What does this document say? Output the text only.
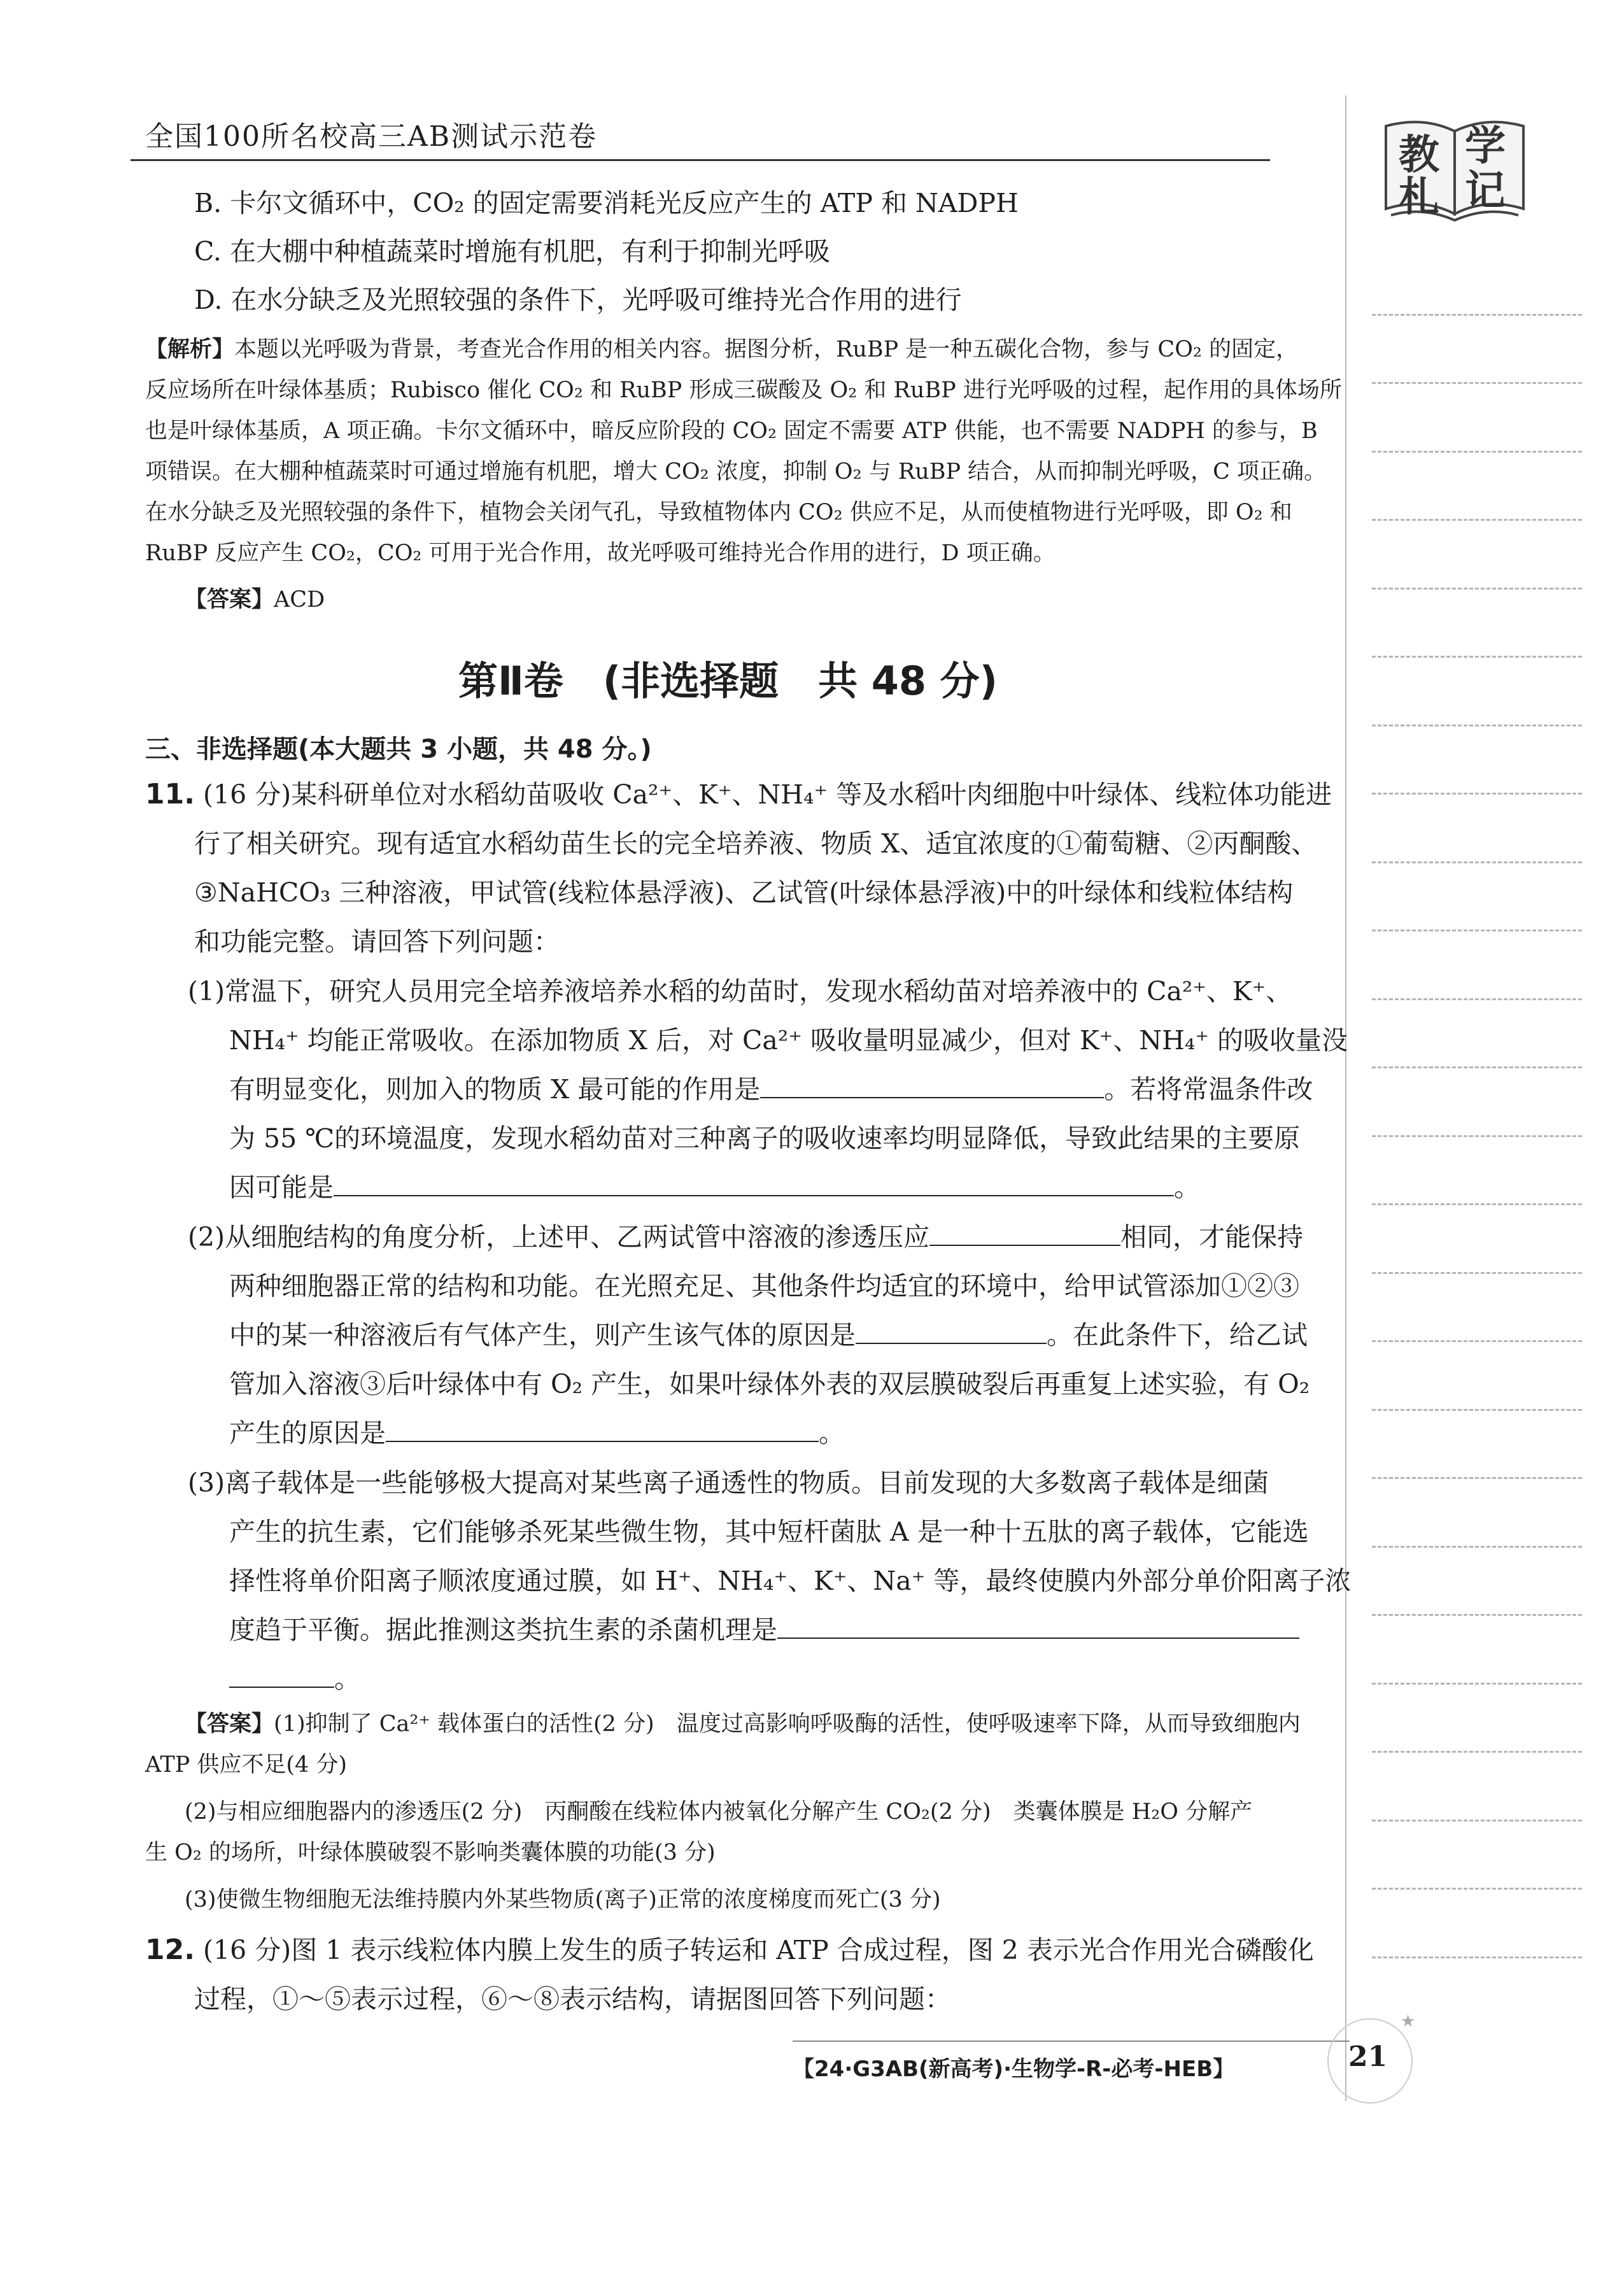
全国100所名校高三AB测试示范卷	教 学
札 记
B. 卡尔文循环中，CO₂ 的固定需要消耗光反应产生的 ATP 和 NADPH
C. 在大棚中种植蔬菜时增施有机肥，有利于抑制光呼吸
D. 在水分缺乏及光照较强的条件下，光呼吸可维持光合作用的进行
【解析】本题以光呼吸为背景，考查光合作用的相关内容。据图分析，RuBP 是一种五碳化合物，参与 CO₂ 的固定，
反应场所在叶绿体基质；Rubisco 催化 CO₂ 和 RuBP 形成三碳酸及 O₂ 和 RuBP 进行光呼吸的过程，起作用的具体场所
也是叶绿体基质，A 项正确。卡尔文循环中，暗反应阶段的 CO₂ 固定不需要 ATP 供能，也不需要 NADPH 的参与，B
项错误。在大棚种植蔬菜时可通过增施有机肥，增大 CO₂ 浓度，抑制 O₂ 与 RuBP 结合，从而抑制光呼吸，C 项正确。
在水分缺乏及光照较强的条件下，植物会关闭气孔，导致植物体内 CO₂ 供应不足，从而使植物进行光呼吸，即 O₂ 和
RuBP 反应产生 CO₂，CO₂ 可用于光合作用，故光呼吸可维持光合作用的进行，D 项正确。
【答案】ACD
第Ⅱ卷　(非选择题　共 48 分)
三、非选择题(本大题共 3 小题，共 48 分。)
11. (16 分)某科研单位对水稻幼苗吸收 Ca²⁺、K⁺、NH₄⁺ 等及水稻叶肉细胞中叶绿体、线粒体功能进
行了相关研究。现有适宜水稻幼苗生长的完全培养液、物质 X、适宜浓度的①葡萄糖、②丙酮酸、
③NaHCO₃ 三种溶液，甲试管(线粒体悬浮液)、乙试管(叶绿体悬浮液)中的叶绿体和线粒体结构
和功能完整。请回答下列问题：
(1)常温下，研究人员用完全培养液培养水稻的幼苗时，发现水稻幼苗对培养液中的 Ca²⁺、K⁺、
NH₄⁺ 均能正常吸收。在添加物质 X 后，对 Ca²⁺ 吸收量明显减少，但对 K⁺、NH₄⁺ 的吸收量没
有明显变化，则加入的物质 X 最可能的作用是	。若将常温条件改
为 55 ℃的环境温度，发现水稻幼苗对三种离子的吸收速率均明显降低，导致此结果的主要原
因可能是	。
(2)从细胞结构的角度分析，上述甲、乙两试管中溶液的渗透压应	相同，才能保持
两种细胞器正常的结构和功能。在光照充足、其他条件均适宜的环境中，给甲试管添加①②③
中的某一种溶液后有气体产生，则产生该气体的原因是	。在此条件下，给乙试
管加入溶液③后叶绿体中有 O₂ 产生，如果叶绿体外表的双层膜破裂后再重复上述实验，有 O₂
产生的原因是	。
(3)离子载体是一些能够极大提高对某些离子通透性的物质。目前发现的大多数离子载体是细菌
产生的抗生素，它们能够杀死某些微生物，其中短杆菌肽 A 是一种十五肽的离子载体，它能选
择性将单价阳离子顺浓度通过膜，如 H⁺、NH₄⁺、K⁺、Na⁺ 等，最终使膜内外部分单价阳离子浓
度趋于平衡。据此推测这类抗生素的杀菌机理是
。
【答案】(1)抑制了 Ca²⁺ 载体蛋白的活性(2 分)　温度过高影响呼吸酶的活性，使呼吸速率下降，从而导致细胞内
ATP 供应不足(4 分)
(2)与相应细胞器内的渗透压(2 分)　丙酮酸在线粒体内被氧化分解产生 CO₂(2 分)　类囊体膜是 H₂O 分解产
生 O₂ 的场所，叶绿体膜破裂不影响类囊体膜的功能(3 分)
(3)使微生物细胞无法维持膜内外某些物质(离子)正常的浓度梯度而死亡(3 分)
12. (16 分)图 1 表示线粒体内膜上发生的质子转运和 ATP 合成过程，图 2 表示光合作用光合磷酸化
过程，①～⑤表示过程，⑥～⑧表示结构，请据图回答下列问题：
【24·G3AB(新高考)·生物学-R-必考-HEB】
★
21
